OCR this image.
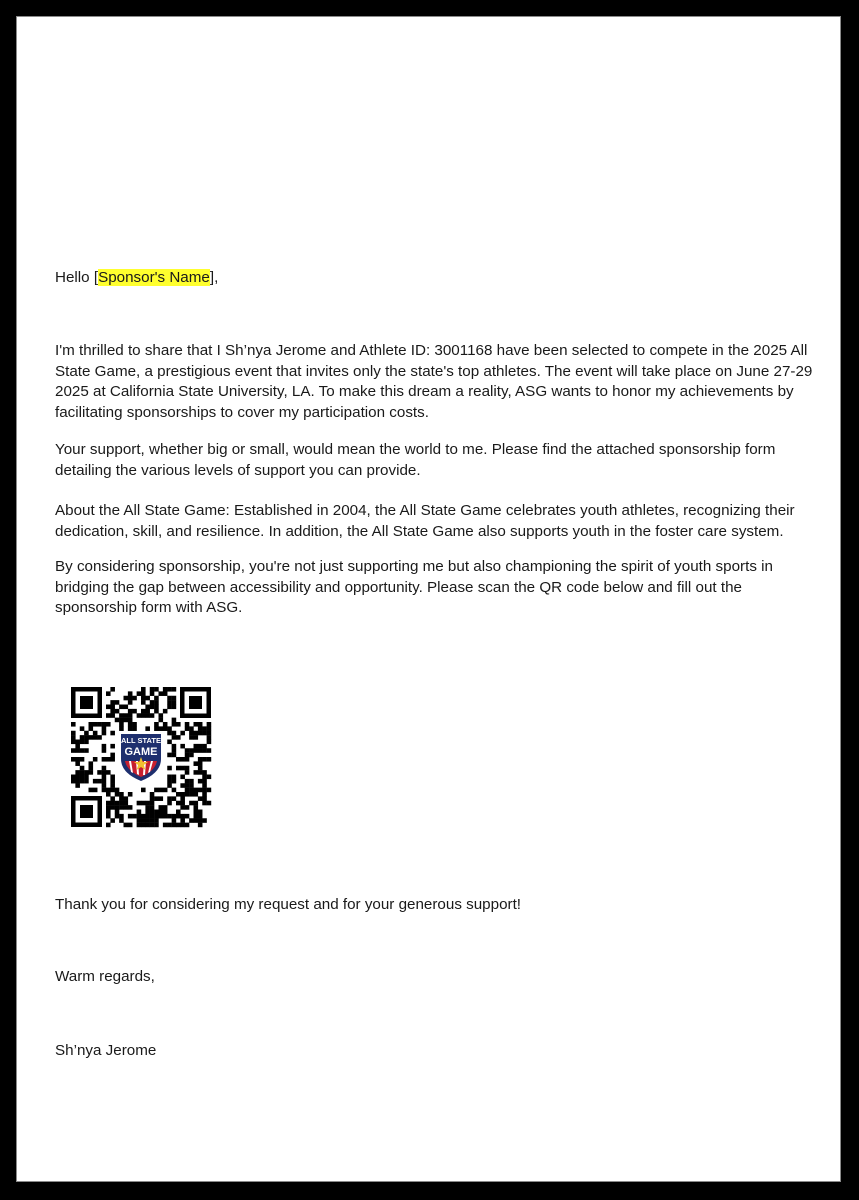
Hello [Sponsor's Name],

I'm thrilled to share that I Sh’nya Jerome and Athlete ID: 3001168 have been selected to compete in the 2025 All State Game, a prestigious event that invites only the state's top athletes. The event will take place on June 27-29 2025 at California State University, LA. To make this dream a reality, ASG wants to honor my achievements by facilitating sponsorships to cover my participation costs.

Your support, whether big or small, would mean the world to me. Please find the attached sponsorship form detailing the various levels of support you can provide.

About the All State Game: Established in 2004, the All State Game celebrates youth athletes, recognizing their dedication, skill, and resilience. In addition, the All State Game also supports youth in the foster care system.

By considering sponsorship, you're not just supporting me but also championing the spirit of youth sports in bridging the gap between accessibility and opportunity. Please scan the QR code below and fill out the sponsorship form with ASG.

ALL STATE
GAME

Thank you for considering my request and for your generous support!

Warm regards,

Sh’nya Jerome
